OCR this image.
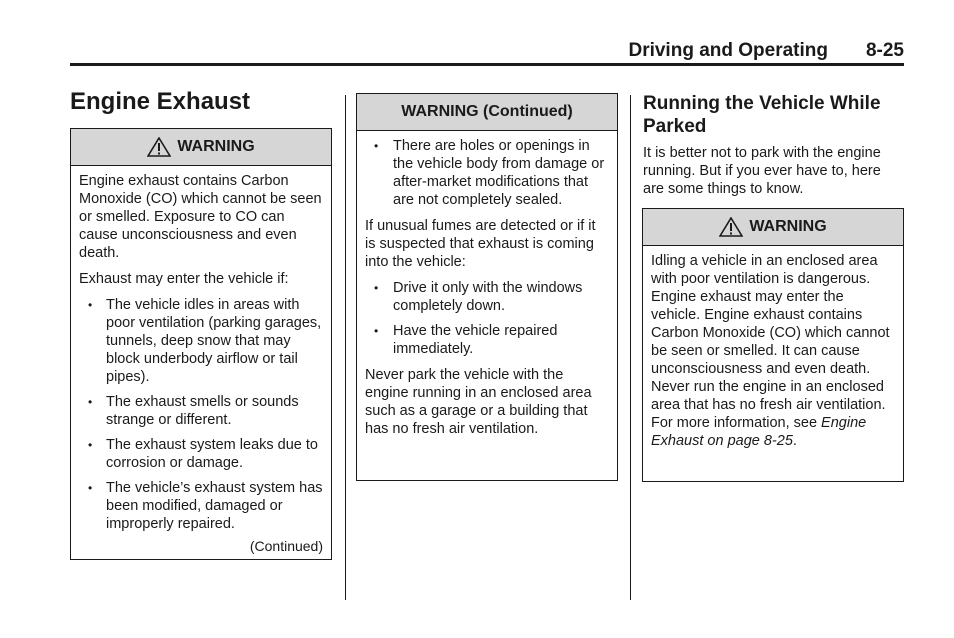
Driving and Operating 8-25
Engine Exhaust
WARNING

Engine exhaust contains Carbon Monoxide (CO) which cannot be seen or smelled. Exposure to CO can cause unconsciousness and even death.

Exhaust may enter the vehicle if:

• The vehicle idles in areas with poor ventilation (parking garages, tunnels, deep snow that may block underbody airflow or tail pipes).
• The exhaust smells or sounds strange or different.
• The exhaust system leaks due to corrosion or damage.
• The vehicle’s exhaust system has been modified, damaged or improperly repaired.
(Continued)
WARNING (Continued)
• There are holes or openings in the vehicle body from damage or after-market modifications that are not completely sealed.

If unusual fumes are detected or if it is suspected that exhaust is coming into the vehicle:

• Drive it only with the windows completely down.
• Have the vehicle repaired immediately.

Never park the vehicle with the engine running in an enclosed area such as a garage or a building that has no fresh air ventilation.

Running the Vehicle While Parked
It is better not to park with the engine running. But if you ever have to, here are some things to know.
WARNING

Idling a vehicle in an enclosed area with poor ventilation is dangerous. Engine exhaust may enter the vehicle. Engine exhaust contains Carbon Monoxide (CO) which cannot be seen or smelled. It can cause unconsciousness and even death. Never run the engine in an enclosed area that has no fresh air ventilation. For more information, see Engine Exhaust on page 8-25.
